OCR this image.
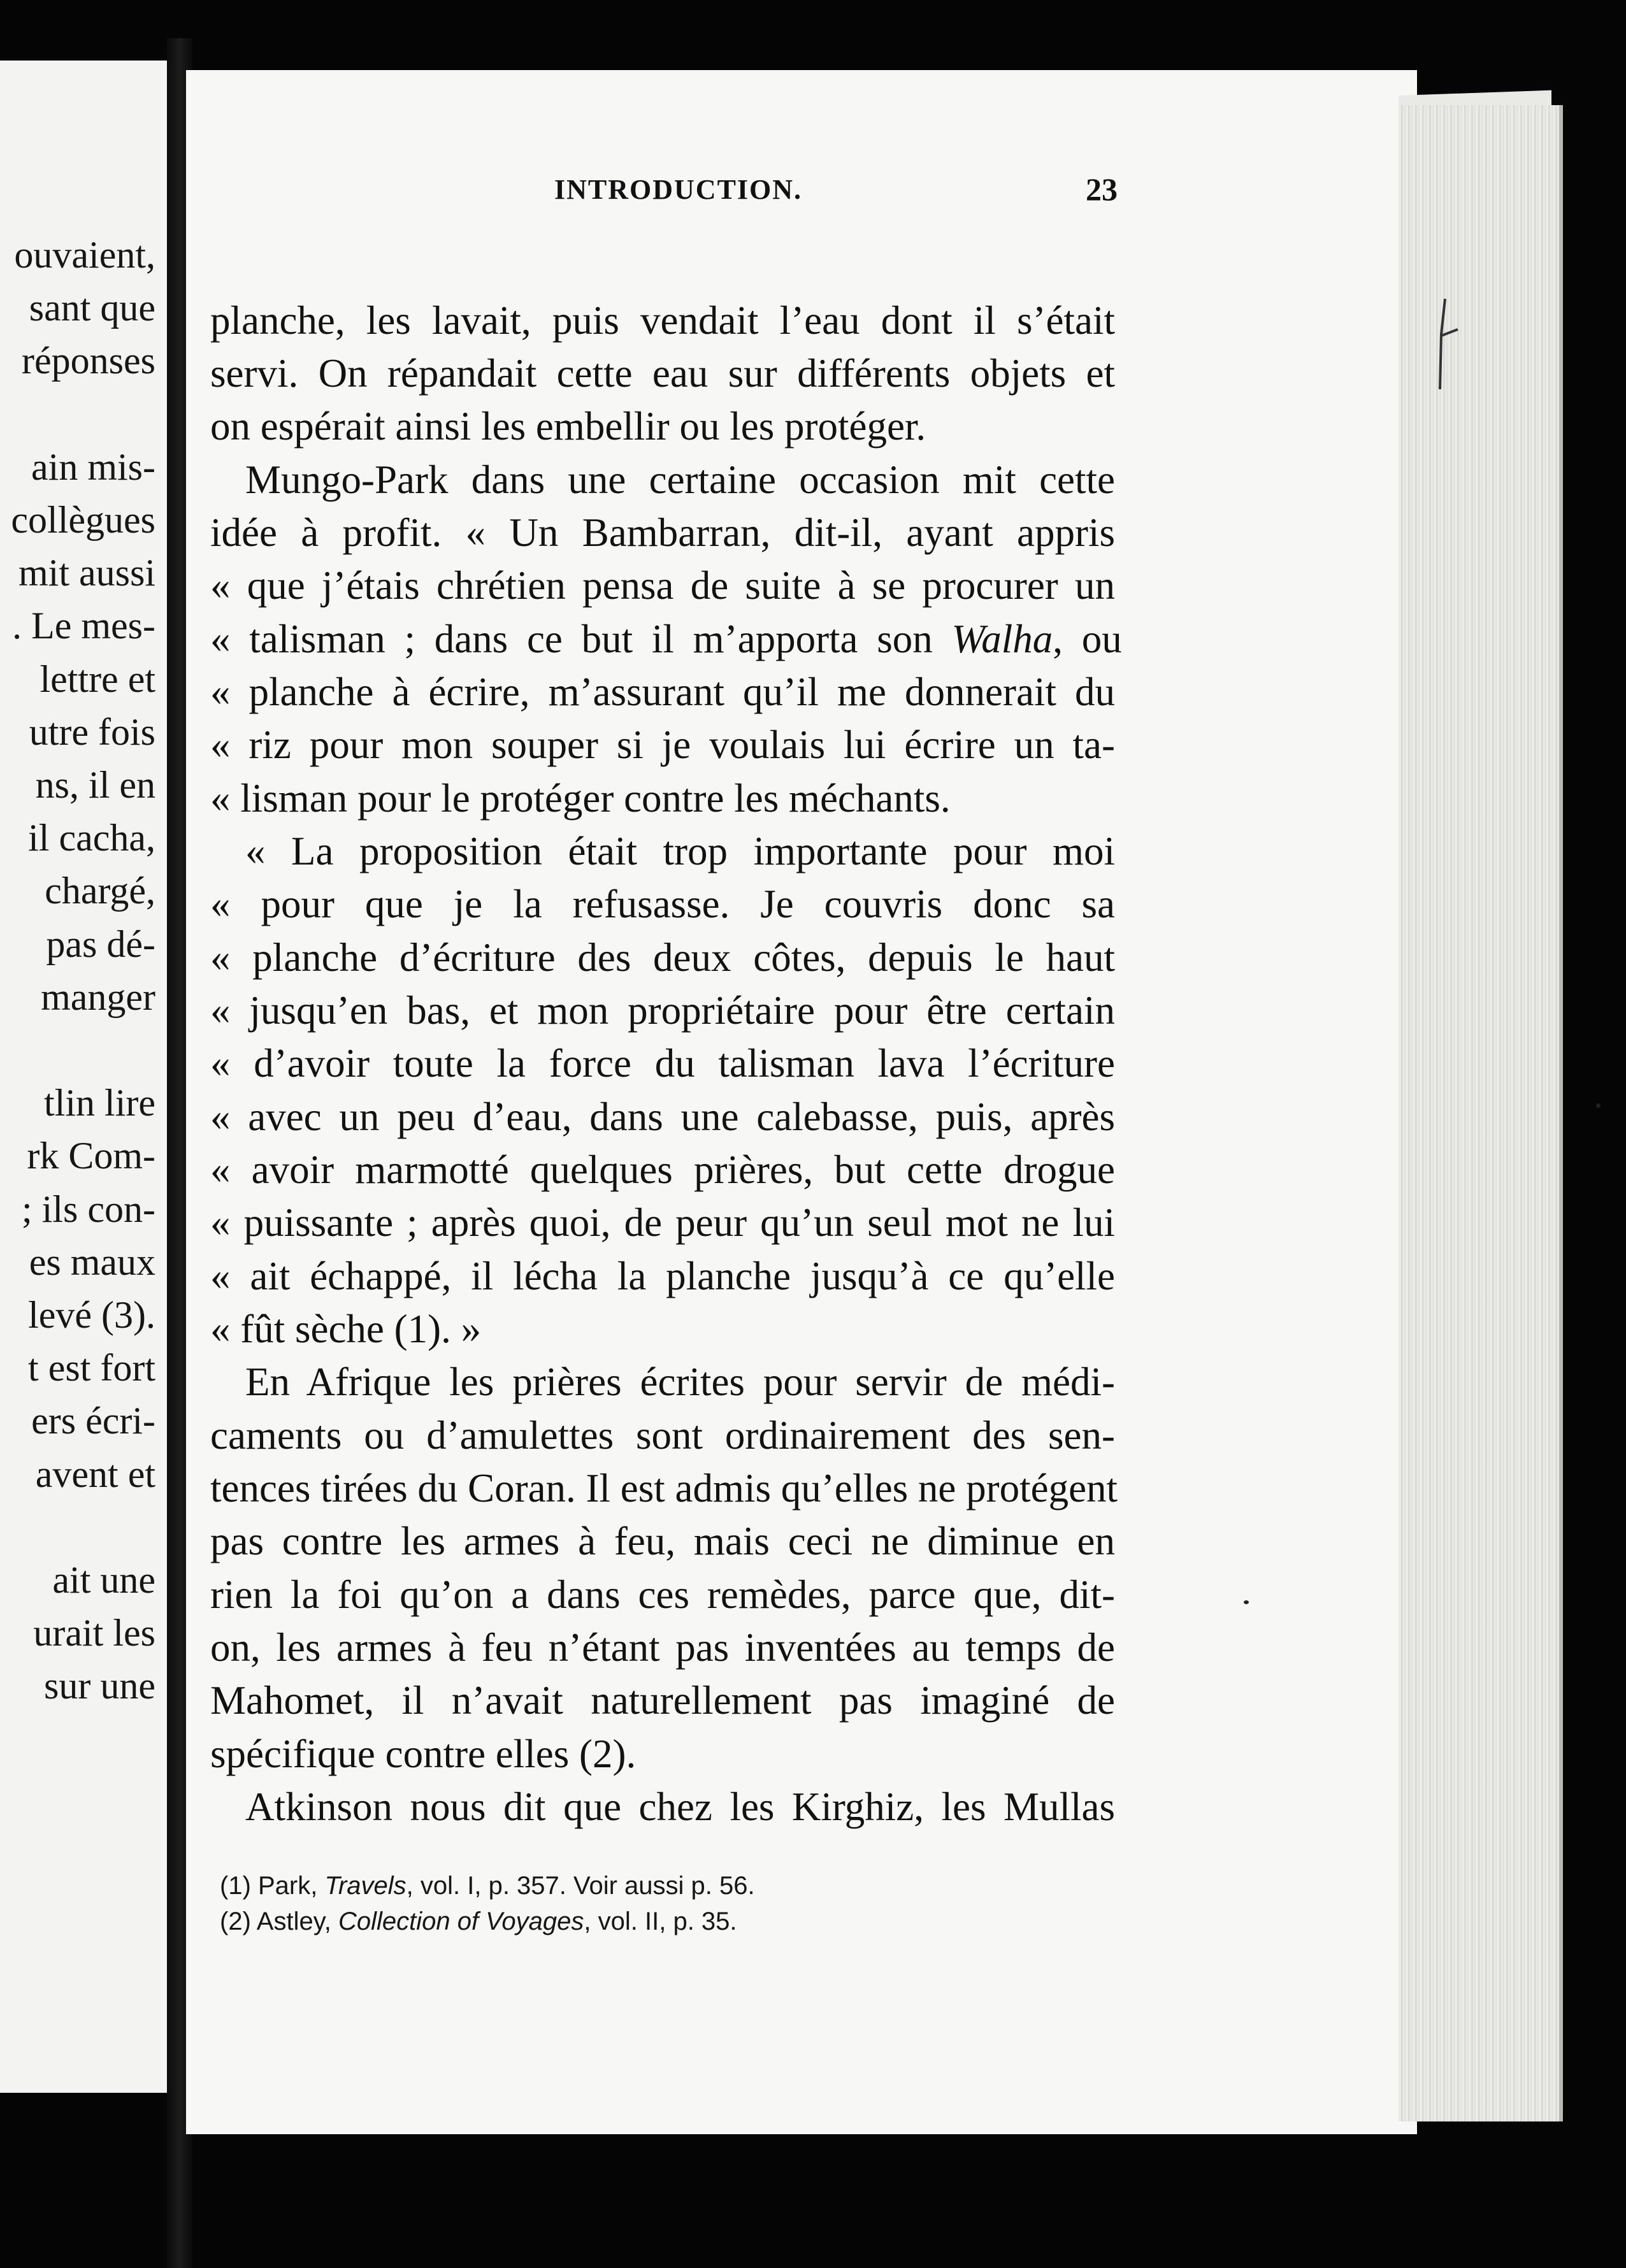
ouvaient,
sant que
réponses
ain mis-
collègues
mit aussi
. Le mes-
lettre et
utre fois
ns, il en
il cacha,
chargé,
pas dé-
manger
tlin lire
rk Com-
; ils con-
es maux
levé (3).
t est fort
ers écri-
avent et
ait une
urait les
sur une
INTRODUCTION.	23
planche, les lavait, puis vendait l’eau dont il s’était
servi. On répandait cette eau sur différents objets et
on espérait ainsi les embellir ou les protéger.
Mungo-Park dans une certaine occasion mit cette
idée à profit. « Un Bambarran, dit-il, ayant appris
« que j’étais chrétien pensa de suite à se procurer un
« talisman ; dans ce but il m’apporta son Walha, ou
« planche à écrire, m’assurant qu’il me donnerait du
« riz pour mon souper si je voulais lui écrire un ta-
« lisman pour le protéger contre les méchants.
« La proposition était trop importante pour moi
« pour que je la refusasse. Je couvris donc sa
« planche d’écriture des deux côtes, depuis le haut
« jusqu’en bas, et mon propriétaire pour être certain
« d’avoir toute la force du talisman lava l’écriture
« avec un peu d’eau, dans une calebasse, puis, après
« avoir marmotté quelques prières, but cette drogue
« puissante ; après quoi, de peur qu’un seul mot ne lui
« ait échappé, il lécha la planche jusqu’à ce qu’elle
« fût sèche (1). »
En Afrique les prières écrites pour servir de médi-
caments ou d’amulettes sont ordinairement des sen-
tences tirées du Coran. Il est admis qu’elles ne protégent
pas contre les armes à feu, mais ceci ne diminue en
rien la foi qu’on a dans ces remèdes, parce que, dit-
on, les armes à feu n’étant pas inventées au temps de
Mahomet, il n’avait naturellement pas imaginé de
spécifique contre elles (2).
Atkinson nous dit que chez les Kirghiz, les Mullas
(1) Park, Travels, vol. I, p. 357. Voir aussi p. 56.
(2) Astley, Collection of Voyages, vol. II, p. 35.
